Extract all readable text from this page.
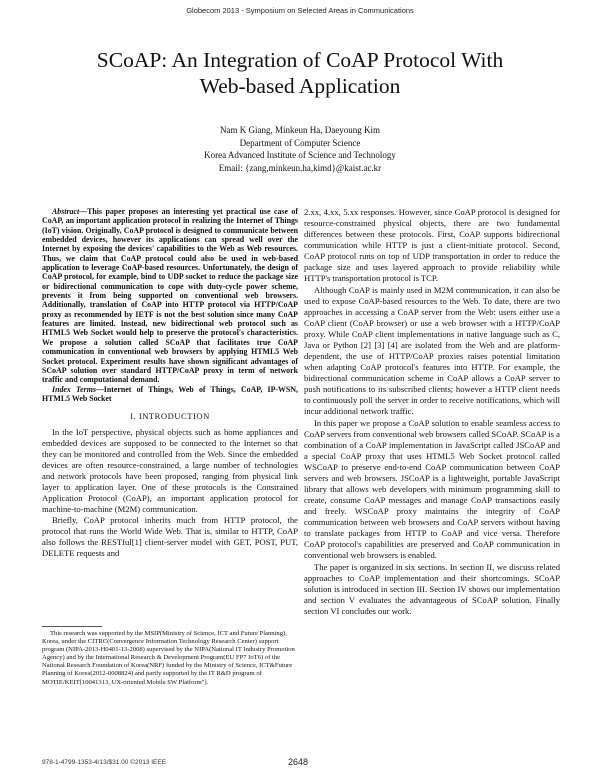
Globecom 2013 - Symposium on Selected Areas in Communications
SCoAP: An Integration of CoAP Protocol With
Web-based Application
Nam K Giang, Minkeun Ha, Daeyoung Kim
Department of Computer Science
Korea Advanced Institute of Science and Technology
Email: {zang,minkeun.ha,kimd}@kaist.ac.kr

Abstract—This paper proposes an interesting yet practical use case of CoAP, an important application protocol in realizing the Internet of Things (IoT) vision. Originally, CoAP protocol is designed to communicate between embedded devices, however its applications can spread well over the Internet by exposing the devices' capabilities to the Web as Web resources. Thus, we claim that CoAP protocol could also be used in web-based application to leverage CoAP-based resources. Unfortunately, the design of CoAP protocol, for example, bind to UDP socket to reduce the package size or bidirectional communication to cope with duty-cycle power scheme, prevents it from being supported on conventional web browsers. Additionally, translation of CoAP into HTTP protocol via HTTP/CoAP proxy as recommended by IETF is not the best solution since many CoAP features are limited. Instead, new bidirectional web protocol such as HTML5 Web Socket would help to preserve the protocol's characteristics. We propose a solution called SCoAP that facilitates true CoAP communication in conventional web browsers by applying HTML5 Web Socket protocol. Experiment results have shown significant advantages of SCoAP solution over standard HTTP/CoAP proxy in term of network traffic and computational demand.

Index Terms—Internet of Things, Web of Things, CoAP, IP-WSN, HTML5 Web Socket

I. INTRODUCTION

In the IoT perspective, physical objects such as home appliances and embedded devices are supposed to be connected to the Internet so that they can be monitored and controlled from the Web. Since the embedded devices are often resource-constrained, a large number of technologies and network protocols have been proposed, ranging from physical link layer to application layer. One of these protocols is the Constrained Application Protocol (CoAP), an important application protocol for machine-to-machine (M2M) communication.

Briefly, CoAP protocol inherits much from HTTP protocol, the protocol that runs the World Wide Web. That is, similar to HTTP, CoAP also follows the RESTful[1] client-server model with GET, POST, PUT, DELETE requests and

This research was supported by the MSIP(Ministry of Science, ICT and Future Planning), Korea, under the CITRC(Convergence Information Technology Research Center) support program (NIPA-2013-H0401-13-2008) supervised by the NIPA(National IT Industry Promotion Agency) and by the International Research & Development Program(EU FP7 IoT6) of the National Research Foundation of Korea(NRF) funded by the Ministry of Science, ICT&Future Planning of Korea(2012-0008824) and partly supported by the IT R&D program of MOTIE/KEIT[10041313, UX-oriented Mobile SW Platform"].

2.xx, 4.xx, 5.xx responses. However, since CoAP protocol is designed for resource-constrained physical objects, there are two fundamental differences between these protocols. First, CoAP supports bidirectional communication while HTTP is just a client-initiate protocol. Second, CoAP protocol runs on top of UDP transportation in order to reduce the package size and uses layered approach to provide reliability while HTTP's transportation protocol is TCP.

Although CoAP is mainly used in M2M communication, it can also be used to expose CoAP-based resources to the Web. To date, there are two approaches in accessing a CoAP server from the Web: users either use a CoAP client (CoAP browser) or use a web browser with a HTTP/CoAP proxy. While CoAP client implementations in native language such as C, Java or Python [2] [3] [4] are isolated from the Web and are platform-dependent, the use of HTTP/CoAP proxies raises potential limitation when adapting CoAP protocol's features into HTTP. For example, the bidirectional communication scheme in CoAP allows a CoAP server to push notifications to its subscribed clients; however a HTTP client needs to continuously poll the server in order to receive notifications, which will incur additional network traffic.

In this paper we propose a CoAP solution to enable seamless access to CoAP servers from conventional web browsers called SCoAP. SCoAP is a combination of a CoAP implementation in JavaScript called JSCoAP and a special CoAP proxy that uses HTML5 Web Socket protocol called WSCoAP to preserve end-to-end CoAP communication between CoAP servers and web browsers. JSCoAP is a lightweight, portable JavaScript library that allows web developers with minimum programming skill to create, consume CoAP messages and manage CoAP transactions easily and freely. WSCoAP proxy maintains the integrity of CoAP communication between web browsers and CoAP servers without having to translate packages from HTTP to CoAP and vice versa. Therefore CoAP protocol's capabilities are preserved and CoAP communication in conventional web browsers is enabled.

The paper is organized in six sections. In section II, we discuss related approaches to CoAP implementation and their shortcomings. SCoAP solution is introduced in section III. Section IV shows our implementation and section V evaluates the advantageous of SCoAP solution. Finally section VI concludes our work.

978-1-4799-1353-4/13/$31.00 ©2013 IEEE	2648
